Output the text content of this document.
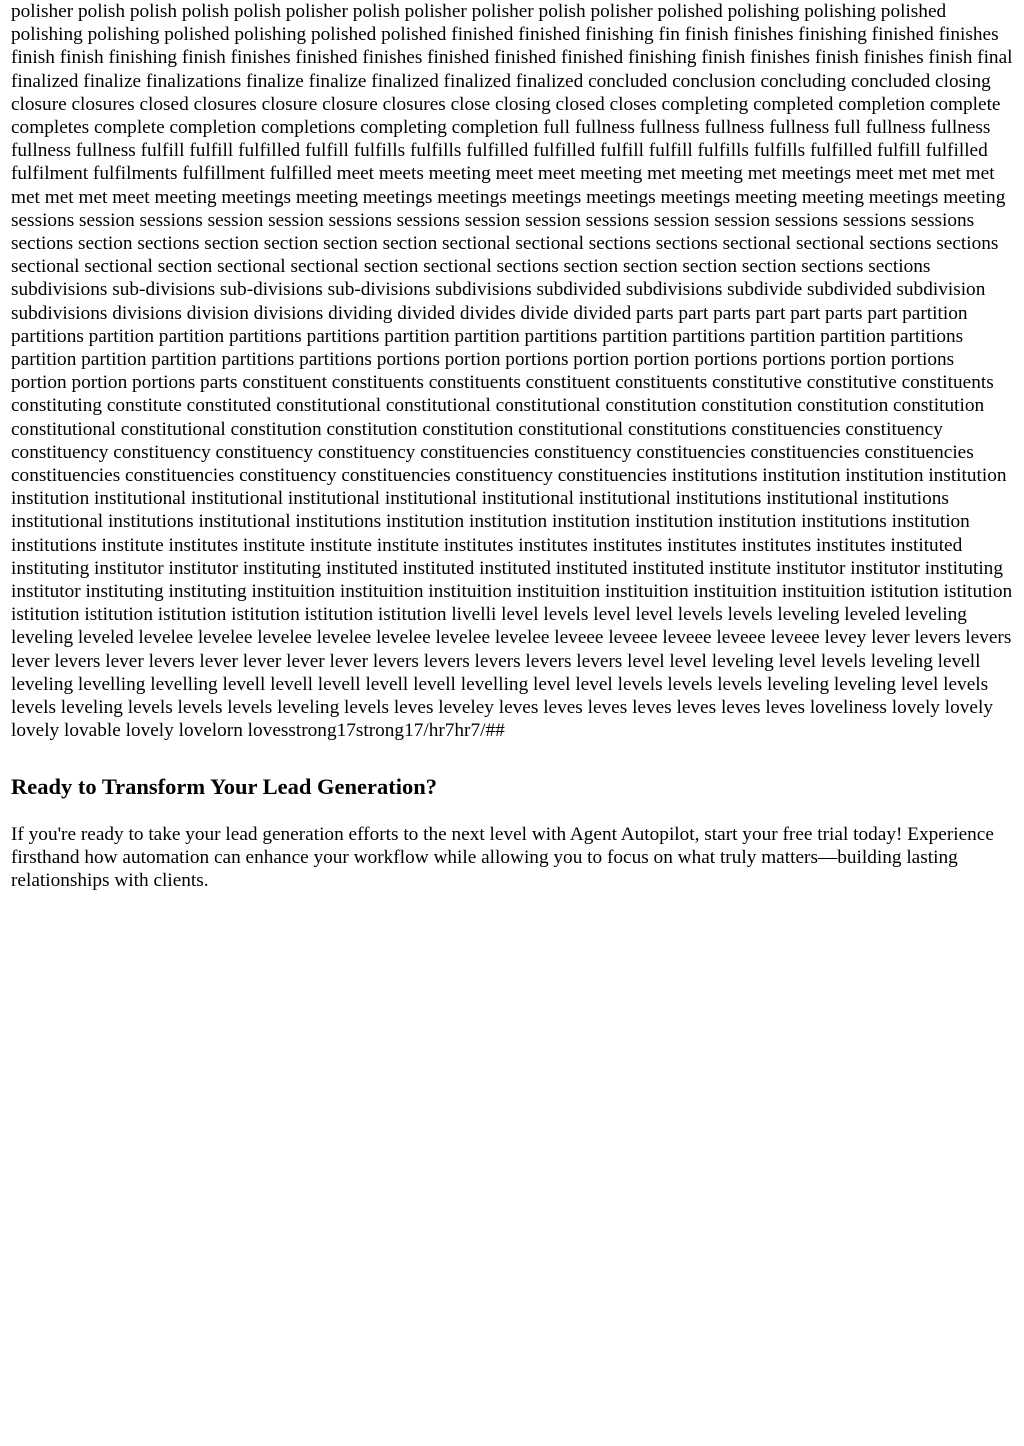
polisher polish polish polish polish polisher polish polisher polisher polish polisher polished polishing polishing polished polishing polishing polished polishing polished polished finished finished finishing fin finish finishes finishing finished finishes finish finish finishing finish finishes finished finishes finished finished finished finishing finish finishes finish finishes finish final finalized finalize finalizations finalize finalize finalized finalized finalized concluded conclusion concluding concluded closing closure closures closed closures closure closure closures close closing closed closes completing completed completion complete completes complete completion completions completing completion full fullness fullness fullness fullness full fullness fullness fullness fullness fulfill fulfill fulfilled fulfill fulfills fulfills fulfilled fulfilled fulfill fulfill fulfills fulfills fulfilled fulfill fulfilled fulfilment fulfilments fulfillment fulfilled meet meets meeting meet meet meeting met meeting met meetings meet met met met met met met meet meeting meetings meeting meetings meetings meetings meetings meetings meeting meeting meetings meeting sessions session sessions session session sessions sessions session session sessions session session sessions sessions sessions sections section sections section section section section sectional sectional sections sections sectional sectional sections sections sectional sectional section sectional sectional section sectional sections section section section section sections sections subdivisions sub-divisions sub-divisions sub-divisions subdivisions subdivided subdivisions subdivide subdivided subdivision subdivisions divisions division divisions dividing divided divides divide divided parts part parts part part parts part partition partitions partition partition partitions partitions partition partition partitions partition partitions partition partition partitions partition partition partition partitions partitions portions portion portions portion portion portions portions portion portions portion portion portions parts constituent constituents constituents constituent constituents constitutive constitutive constituents constituting constitute constituted constitutional constitutional constitutional constitution constitution constitution constitution constitutional constitutional constitution constitution constitution constitutional constitutions constituencies constituency constituency constituency constituency constituency constituencies constituency constituencies constituencies constituencies constituencies constituencies constituency constituencies constituency constituencies institutions institution institution institution institution institutional institutional institutional institutional institutional institutional institutions institutional institutions institutional institutions institutional institutions institution institution institution institution institution institutions institution institutions institute institutes institute institute institute institutes institutes institutes institutes institutes institutes instituted instituting institutor institutor instituting instituted instituted instituted instituted instituted institute institutor institutor instituting institutor instituting instituting instituition instituition instituition instituition instituition instituition instituition istitution istitution istitution istitution istitution istitution istitution istitution livelli level levels level level levels levels leveling leveled leveling leveling leveled levelee levelee levelee levelee levelee levelee levelee leveee leveee leveee leveee leveee levey lever levers levers lever levers lever levers lever lever lever lever levers levers levers levers levers level level leveling level levels leveling levell leveling levelling levelling levell levell levell levell levell levelling level level levels levels levels leveling leveling level levels levels leveling levels levels levels leveling levels leves leveley leves leves leves leves leves leves leves loveliness lovely lovely lovely lovable lovely lovelorn lovesstrong17strong17/hr7hr7/##

Ready to Transform Your Lead Generation?

If you're ready to take your lead generation efforts to the next level with Agent Autopilot, start your free trial today! Experience firsthand how automation can enhance your workflow while allowing you to focus on what truly matters—building lasting relationships with clients.
